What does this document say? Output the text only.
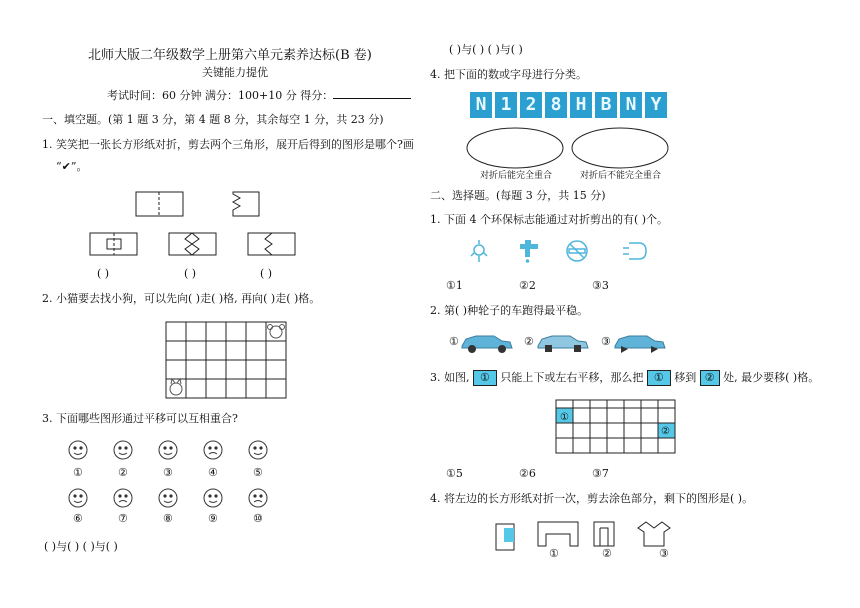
北师大版二年级数学上册第六单元素养达标(B 卷)
关键能力提优
考试时间：60 分钟 满分：100+10 分 得分：
一、填空题。(第 1 题 3 分，第 4 题 8 分，其余每空 1 分，共 23 分)
1. 笑笑把一张长方形纸对折，剪去两个三角形，展开后得到的图形是哪个?画
“✔”。
( )	( )	( )
2. 小猫要去找小狗，可以先向( )走( )格, 再向( )走( )格。
3. 下面哪些图形通过平移可以互相重合?
①	②	③	④	⑤
⑥	⑦	⑧	⑨	⑩
( )与( ) ( )与( )
( )与( ) ( )与( )
4. 把下面的数或字母进行分类。
N 1 2 8 H B N Y
对折后能完全重合	对折后不能完全重合
二、选择题。(每题 3 分，共 15 分)
1. 下面 4 个环保标志能通过对折剪出的有( )个。
①1	②2	③3
2. 第( )种轮子的车跑得最平稳。
①	②	③
3. 如图, ① 只能上下或左右平移，那么把 ① 移到 ② 处, 最少要移( )格。
①
②
①5	②6	③7
4. 将左边的长方形纸对折一次，剪去涂色部分，剩下的图形是( )。
①	②	③
